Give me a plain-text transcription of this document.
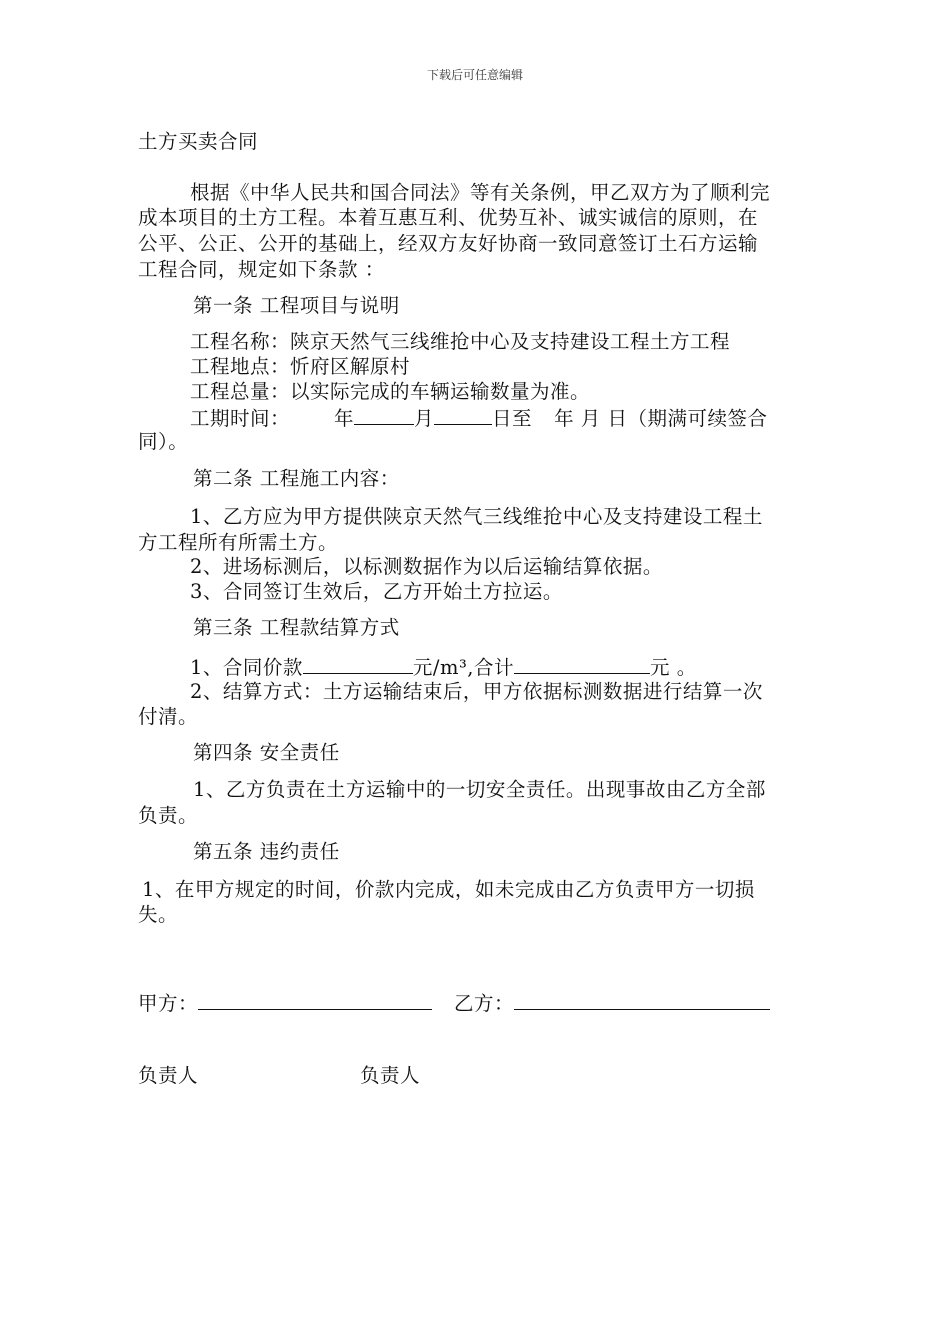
下载后可任意编辑
土方买卖合同
根据《中华人民共和国合同法》等有关条例，甲乙双方为了顺利完
成本项目的土方工程。本着互惠互利、优势互补、诚实诚信的原则，在
公平、公正、公开的基础上，经双方友好协商一致同意签订土石方运输
工程合同，规定如下条款 ：
第一条 工程项目与说明
工程名称：陕京天然气三线维抢中心及支持建设工程土方工程
工程地点：忻府区解原村
工程总量：以实际完成的车辆运输数量为准。
工期时间： 年	月	日至 年 月 日（期满可续签合
同）。
第二条 工程施工内容：
1、乙方应为甲方提供陕京天然气三线维抢中心及支持建设工程土
方工程所有所需土方。
2、进场标测后，以标测数据作为以后运输结算依据。
3、合同签订生效后，乙方开始土方拉运。
第三条 工程款结算方式
1、合同价款	元/m³,合计	元 。
2、结算方式：土方运输结束后，甲方依据标测数据进行结算一次
付清。
第四条 安全责任
1、乙方负责在土方运输中的一切安全责任。出现事故由乙方全部
负责。
第五条 违约责任
1、在甲方规定的时间，价款内完成，如未完成由乙方负责甲方一切损
失。
甲方：	乙方：
负责人	负责人
